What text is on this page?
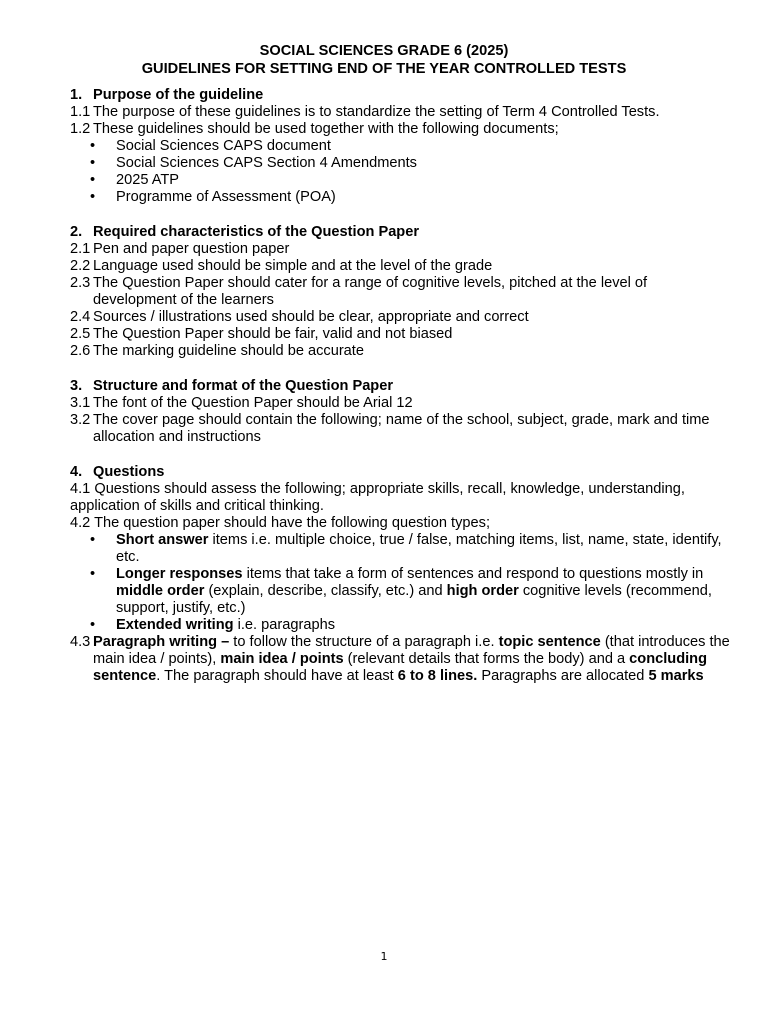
SOCIAL SCIENCES GRADE 6 (2025)
GUIDELINES FOR SETTING END OF THE YEAR CONTROLLED TESTS
1. Purpose of the guideline
1.1 The purpose of these guidelines is to standardize the setting of Term 4 Controlled Tests.
1.2 These guidelines should be used together with the following documents;
•	Social Sciences CAPS document
•	Social Sciences CAPS Section 4 Amendments
•	2025 ATP
•	Programme of Assessment (POA)
2. Required characteristics of the Question Paper
2.1 Pen and paper question paper
2.2 Language used should be simple and at the level of the grade
2.3 The Question Paper should cater for a range of cognitive levels, pitched at the level of development of the learners
2.4 Sources / illustrations used should be clear, appropriate and correct
2.5 The Question Paper should be fair, valid and not biased
2.6 The marking guideline should be accurate
3. Structure and format of the Question Paper
3.1 The font of the Question Paper should be Arial 12
3.2 The cover page should contain the following; name of the school, subject, grade, mark and time allocation and instructions
4. Questions
4.1 Questions should assess the following; appropriate skills, recall, knowledge, understanding, application of skills and critical thinking.
4.2 The question paper should have the following question types;
•	Short answer items i.e. multiple choice, true / false, matching items, list, name, state, identify, etc.
•	Longer responses items that take a form of sentences and respond to questions mostly in middle order (explain, describe, classify, etc.) and high order cognitive levels (recommend, support, justify, etc.)
•	Extended writing i.e. paragraphs
4.3 Paragraph writing – to follow the structure of a paragraph i.e. topic sentence (that introduces the main idea / points), main idea / points (relevant details that forms the body) and a concluding sentence. The paragraph should have at least 6 to 8 lines. Paragraphs are allocated 5 marks
1
